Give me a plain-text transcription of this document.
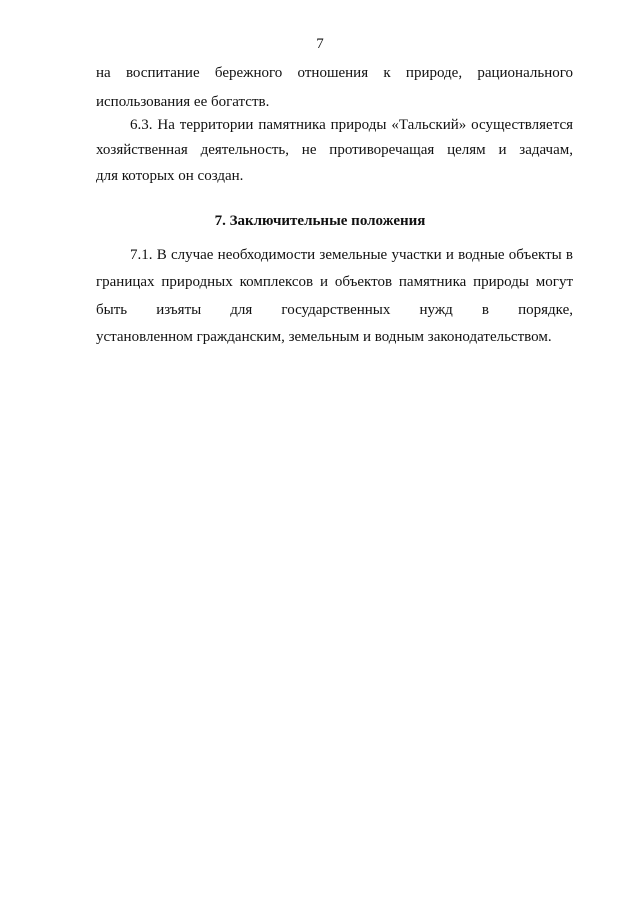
7
на воспитание бережного отношения к природе, рационального
использования ее богатств.
6.3. На территории памятника природы «Тальский» осуществляется
хозяйственная деятельность, не противоречащая целям и задачам,
для которых он создан.
7. Заключительные положения
7.1. В случае необходимости земельные участки и водные объекты в
границах природных комплексов и объектов памятника природы могут
быть изъяты для государственных нужд в порядке,
установленном гражданским, земельным и водным законодательством.
